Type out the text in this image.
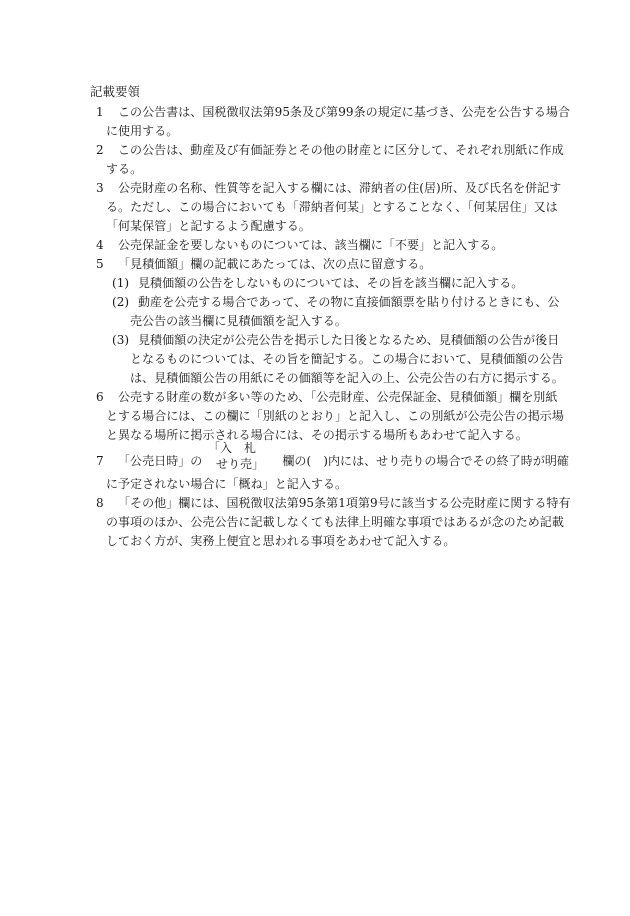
記載要領
1 この公告書は、国税徴収法第95条及び第99条の規定に基づき、公売を公告する場合
に使用する。
2 この公告は、動産及び有価証券とその他の財産とに区分して、それぞれ別紙に作成
する。
3 公売財産の名称、性質等を記入する欄には、滞納者の住(居)所、及び氏名を併記す
る。ただし、この場合においても「滞納者何某」とすることなく、「何某居住」又は
「何某保管」と記するよう配慮する。
4 公売保証金を要しないものについては、該当欄に「不要」と記入する。
5 「見積価額」欄の記載にあたっては、次の点に留意する。
(1) 見積価額の公告をしないものについては、その旨を該当欄に記入する。
(2) 動産を公売する場合であって、その物に直接価額票を貼り付けるときにも、公
売公告の該当欄に見積価額を記入する。
(3) 見積価額の決定が公売公告を掲示した日後となるため、見積価額の公告が後日
となるものについては、その旨を簡記する。この場合において、見積価額の公告
は、見積価額公告の用紙にその価額等を記入の上、公売公告の右方に掲示する。
6 公売する財産の数が多い等のため、「公売財産、公売保証金、見積価額」欄を別紙
とする場合には、この欄に「別紙のとおり」と記入し、この別紙が公売公告の掲示場
と異なる場所に掲示される場合には、その掲示する場所もあわせて記入する。
7 「公売日時」の	欄の(　)内には、せり売りの場合でその終了時が明確
「入　札
せり売」
に予定されない場合に「概ね」と記入する。
8 「その他」欄には、国税徴収法第95条第1項第9号に該当する公売財産に関する特有
の事項のほか、公売公告に記載しなくても法律上明確な事項ではあるが念のため記載
しておく方が、実務上便宜と思われる事項をあわせて記入する。
